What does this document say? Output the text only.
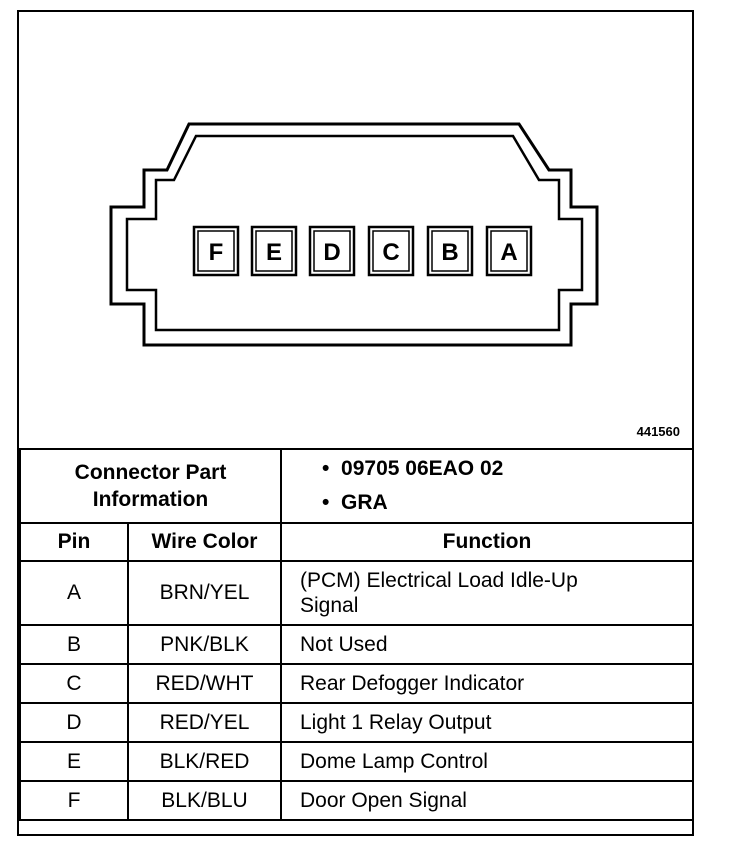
F E D C B A
441560
Connector Part
Information		•  09705 06EAO 02
•  GRA

Pin	Wire Color	Function
A	BRN/YEL	(PCM) Electrical Load Idle-Up
Signal

B	PNK/BLK	Not Used
C	RED/WHT	Rear Defogger Indicator
D	RED/YEL	Light 1 Relay Output
E	BLK/RED	Dome Lamp Control
F	BLK/BLU	Door Open Signal
